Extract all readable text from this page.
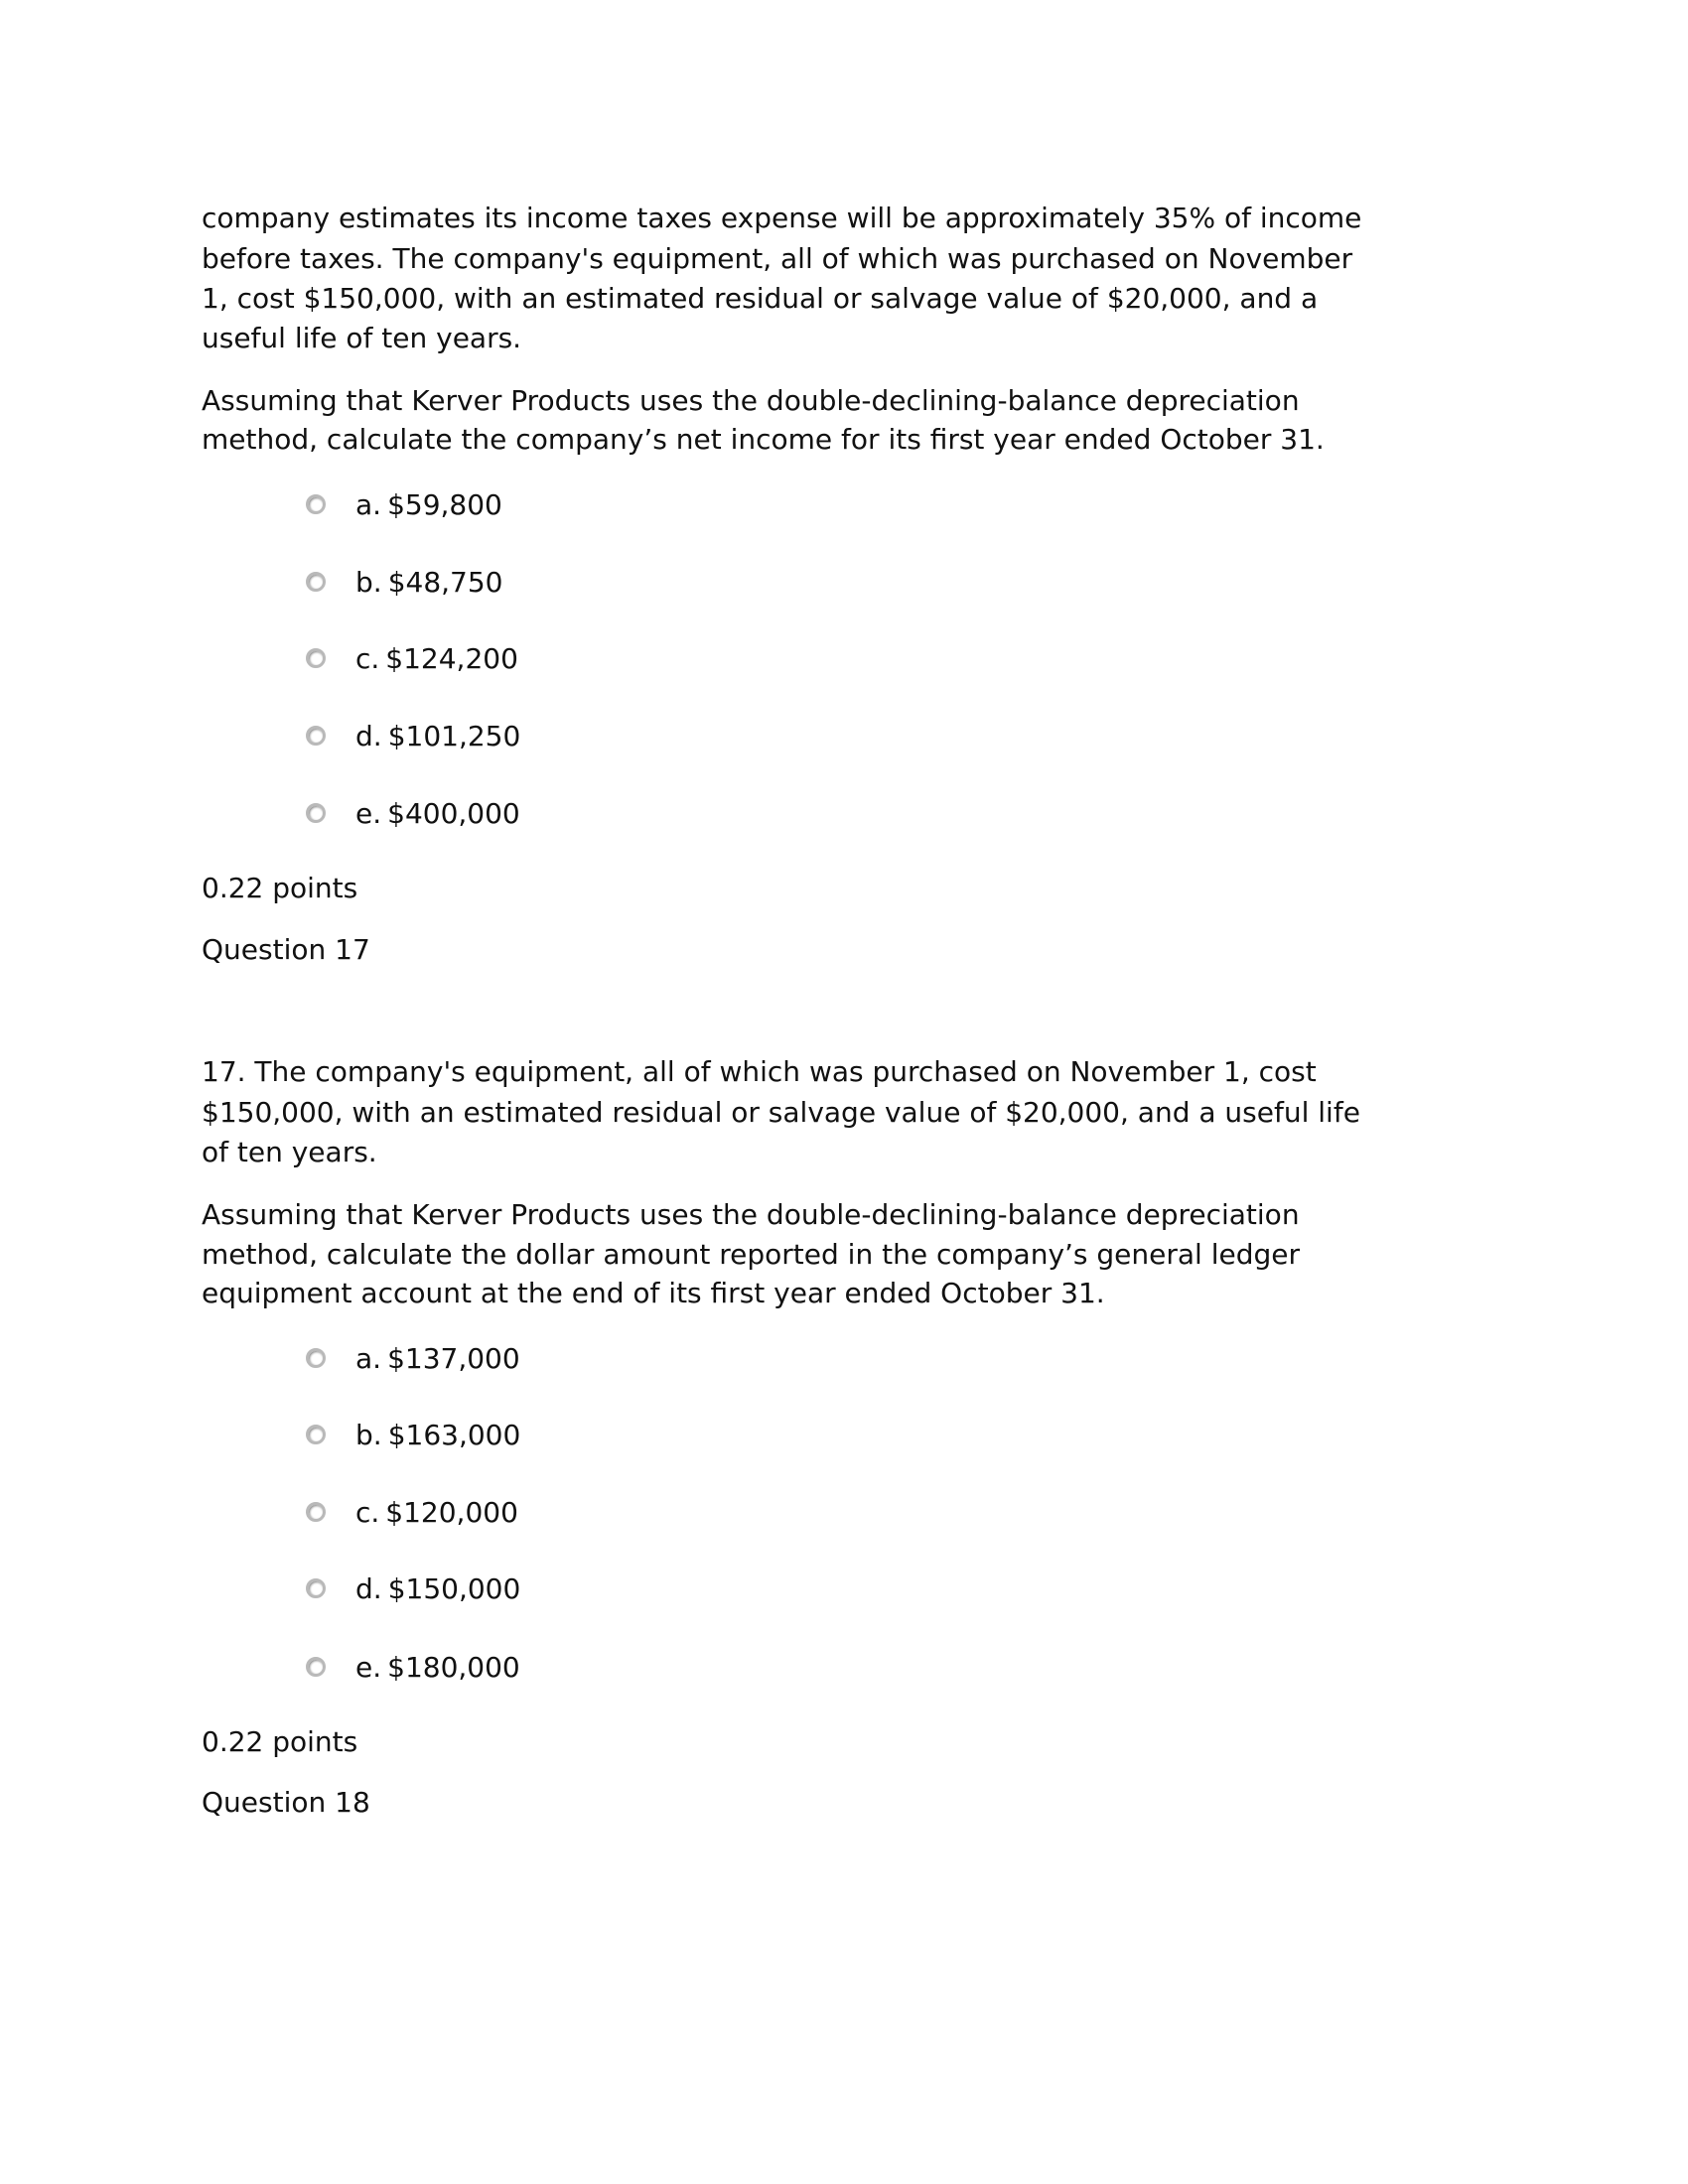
company estimates its income taxes expense will be approximately 35% of income
before taxes. The company's equipment, all of which was purchased on November
1, cost $150,000, with an estimated residual or salvage value of $20,000, and a
useful life of ten years.
Assuming that Kerver Products uses the double-declining-balance depreciation
method, calculate the company’s net income for its first year ended October 31.
a. $59,800
b. $48,750
c. $124,200
d. $101,250
e. $400,000
0.22 points
Question 17
17. The company's equipment, all of which was purchased on November 1, cost
$150,000, with an estimated residual or salvage value of $20,000, and a useful life
of ten years.
Assuming that Kerver Products uses the double-declining-balance depreciation
method, calculate the dollar amount reported in the company’s general ledger
equipment account at the end of its first year ended October 31.
a. $137,000
b. $163,000
c. $120,000
d. $150,000
e. $180,000
0.22 points
Question 18
